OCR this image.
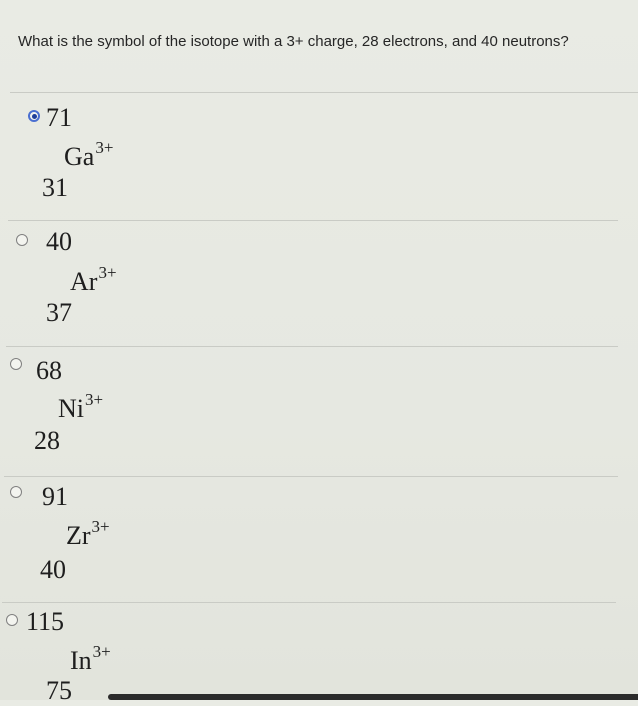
What is the symbol of the isotope with a 3+ charge, 28 electrons, and 40 neutrons?
71
$Ga^{3+}$
31
40
$Ar^{3+}$
37
68
$Ni^{3+}$
28
91
$Zr^{3+}$
40
115
$In^{3+}$
75
